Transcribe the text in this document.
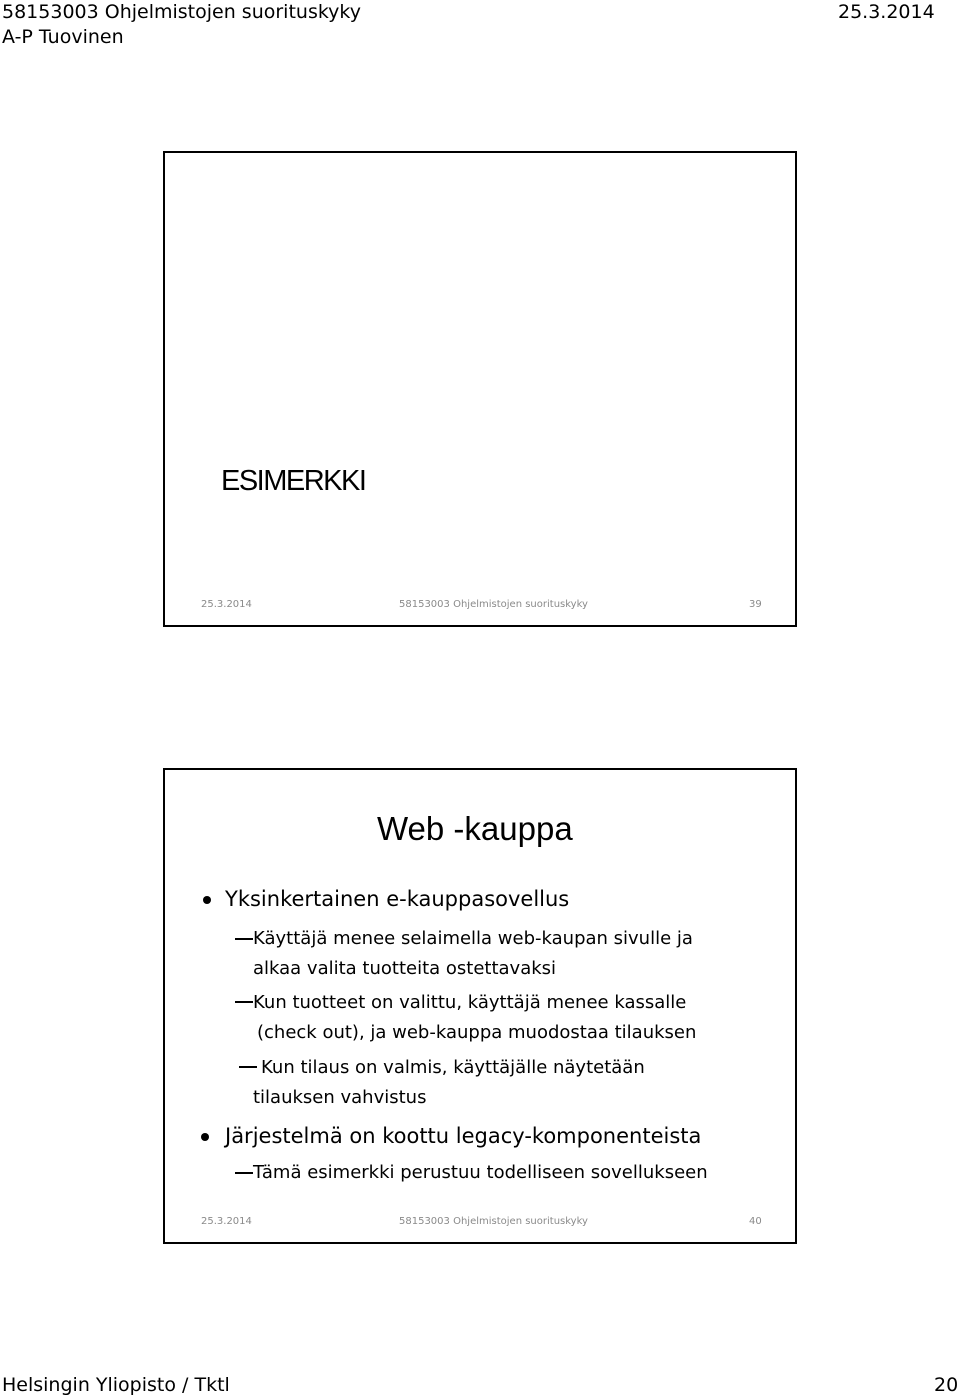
58153003 Ohjelmistojen suorituskyky	25.3.2014
A-P Tuovinen
ESIMERKKI
25.3.2014	58153003 Ohjelmistojen suorituskyky	39
Web -kauppa
Yksinkertainen e-kauppasovellus
Käyttäjä menee selaimella web-kaupan sivulle ja
alkaa valita tuotteita ostettavaksi
Kun tuotteet on valittu, käyttäjä menee kassalle
(check out), ja web-kauppa muodostaa tilauksen
Kun tilaus on valmis, käyttäjälle näytetään
tilauksen vahvistus
Järjestelmä on koottu legacy-komponenteista
Tämä esimerkki perustuu todelliseen sovellukseen
25.3.2014	58153003 Ohjelmistojen suorituskyky	40
Helsingin Yliopisto / Tktl	20
